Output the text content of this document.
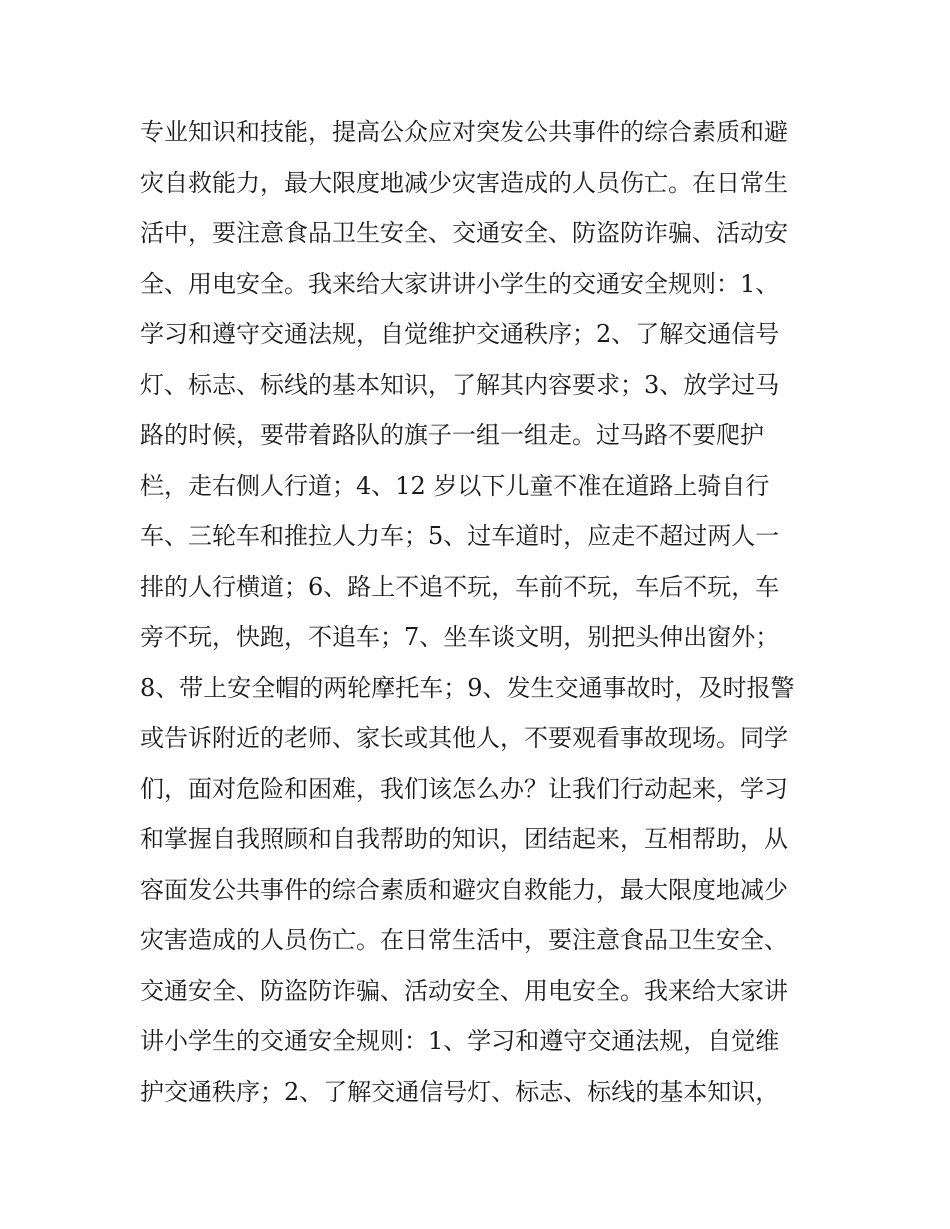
专业知识和技能，提高公众应对突发公共事件的综合素质和避
灾自救能力，最大限度地减少灾害造成的人员伤亡。在日常生
活中，要注意食品卫生安全、交通安全、防盗防诈骗、活动安
全、用电安全。我来给大家讲讲小学生的交通安全规则：1、
学习和遵守交通法规，自觉维护交通秩序；2、了解交通信号
灯、标志、标线的基本知识，了解其内容要求；3、放学过马
路的时候，要带着路队的旗子一组一组走。过马路不要爬护
栏，走右侧人行道；4、12 岁以下儿童不准在道路上骑自行
车、三轮车和推拉人力车；5、过车道时，应走不超过两人一
排的人行横道；6、路上不追不玩，车前不玩，车后不玩，车
旁不玩，快跑，不追车；7、坐车谈文明，别把头伸出窗外；
8、带上安全帽的两轮摩托车；9、发生交通事故时，及时报警
或告诉附近的老师、家长或其他人，不要观看事故现场。同学
们，面对危险和困难，我们该怎么办？让我们行动起来，学习
和掌握自我照顾和自我帮助的知识，团结起来，互相帮助，从
容面发公共事件的综合素质和避灾自救能力，最大限度地减少
灾害造成的人员伤亡。在日常生活中，要注意食品卫生安全、
交通安全、防盗防诈骗、活动安全、用电安全。我来给大家讲
讲小学生的交通安全规则：1、学习和遵守交通法规，自觉维
护交通秩序；2、了解交通信号灯、标志、标线的基本知识，
